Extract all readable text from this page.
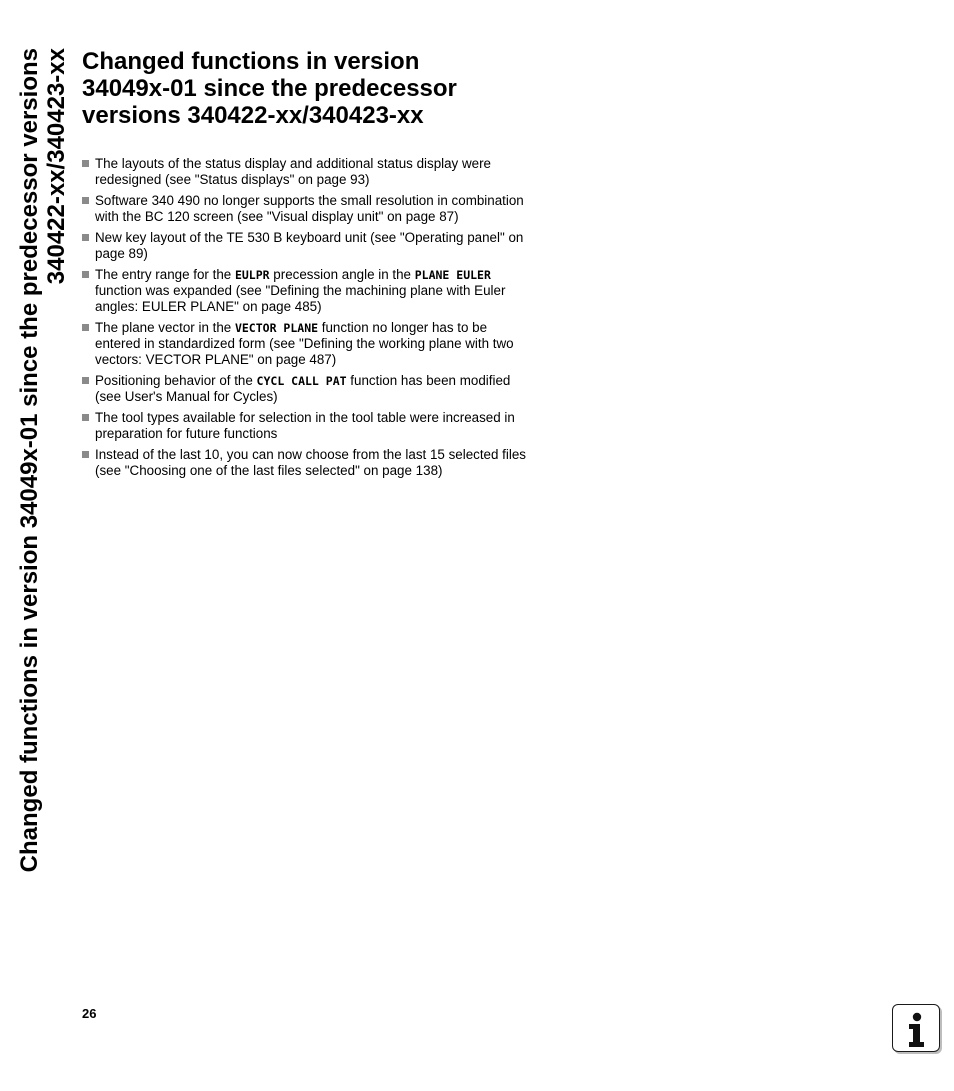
Changed functions in version 34049x-01 since the predecessor versions 340422-xx/340423-xx Changed functions in version
34049x-01 since the predecessor
versions 340422-xx/340423-xx
The layouts of the status display and additional status display were redesigned (see "Status displays" on page 93)
Software 340 490 no longer supports the small resolution in combination with the BC 120 screen (see "Visual display unit" on page 87)
New key layout of the TE 530 B keyboard unit (see "Operating panel" on page 89)
The entry range for the EULPR precession angle in the PLANE EULER function was expanded (see "Defining the machining plane with Euler angles: EULER PLANE" on page 485)
The plane vector in the VECTOR PLANE function no longer has to be entered in standardized form (see "Defining the working plane with two vectors: VECTOR PLANE" on page 487)
Positioning behavior of the CYCL CALL PAT function has been modified (see User's Manual for Cycles)
The tool types available for selection in the tool table were increased in preparation for future functions
Instead of the last 10, you can now choose from the last 15 selected files (see "Choosing one of the last files selected" on page 138)
26
